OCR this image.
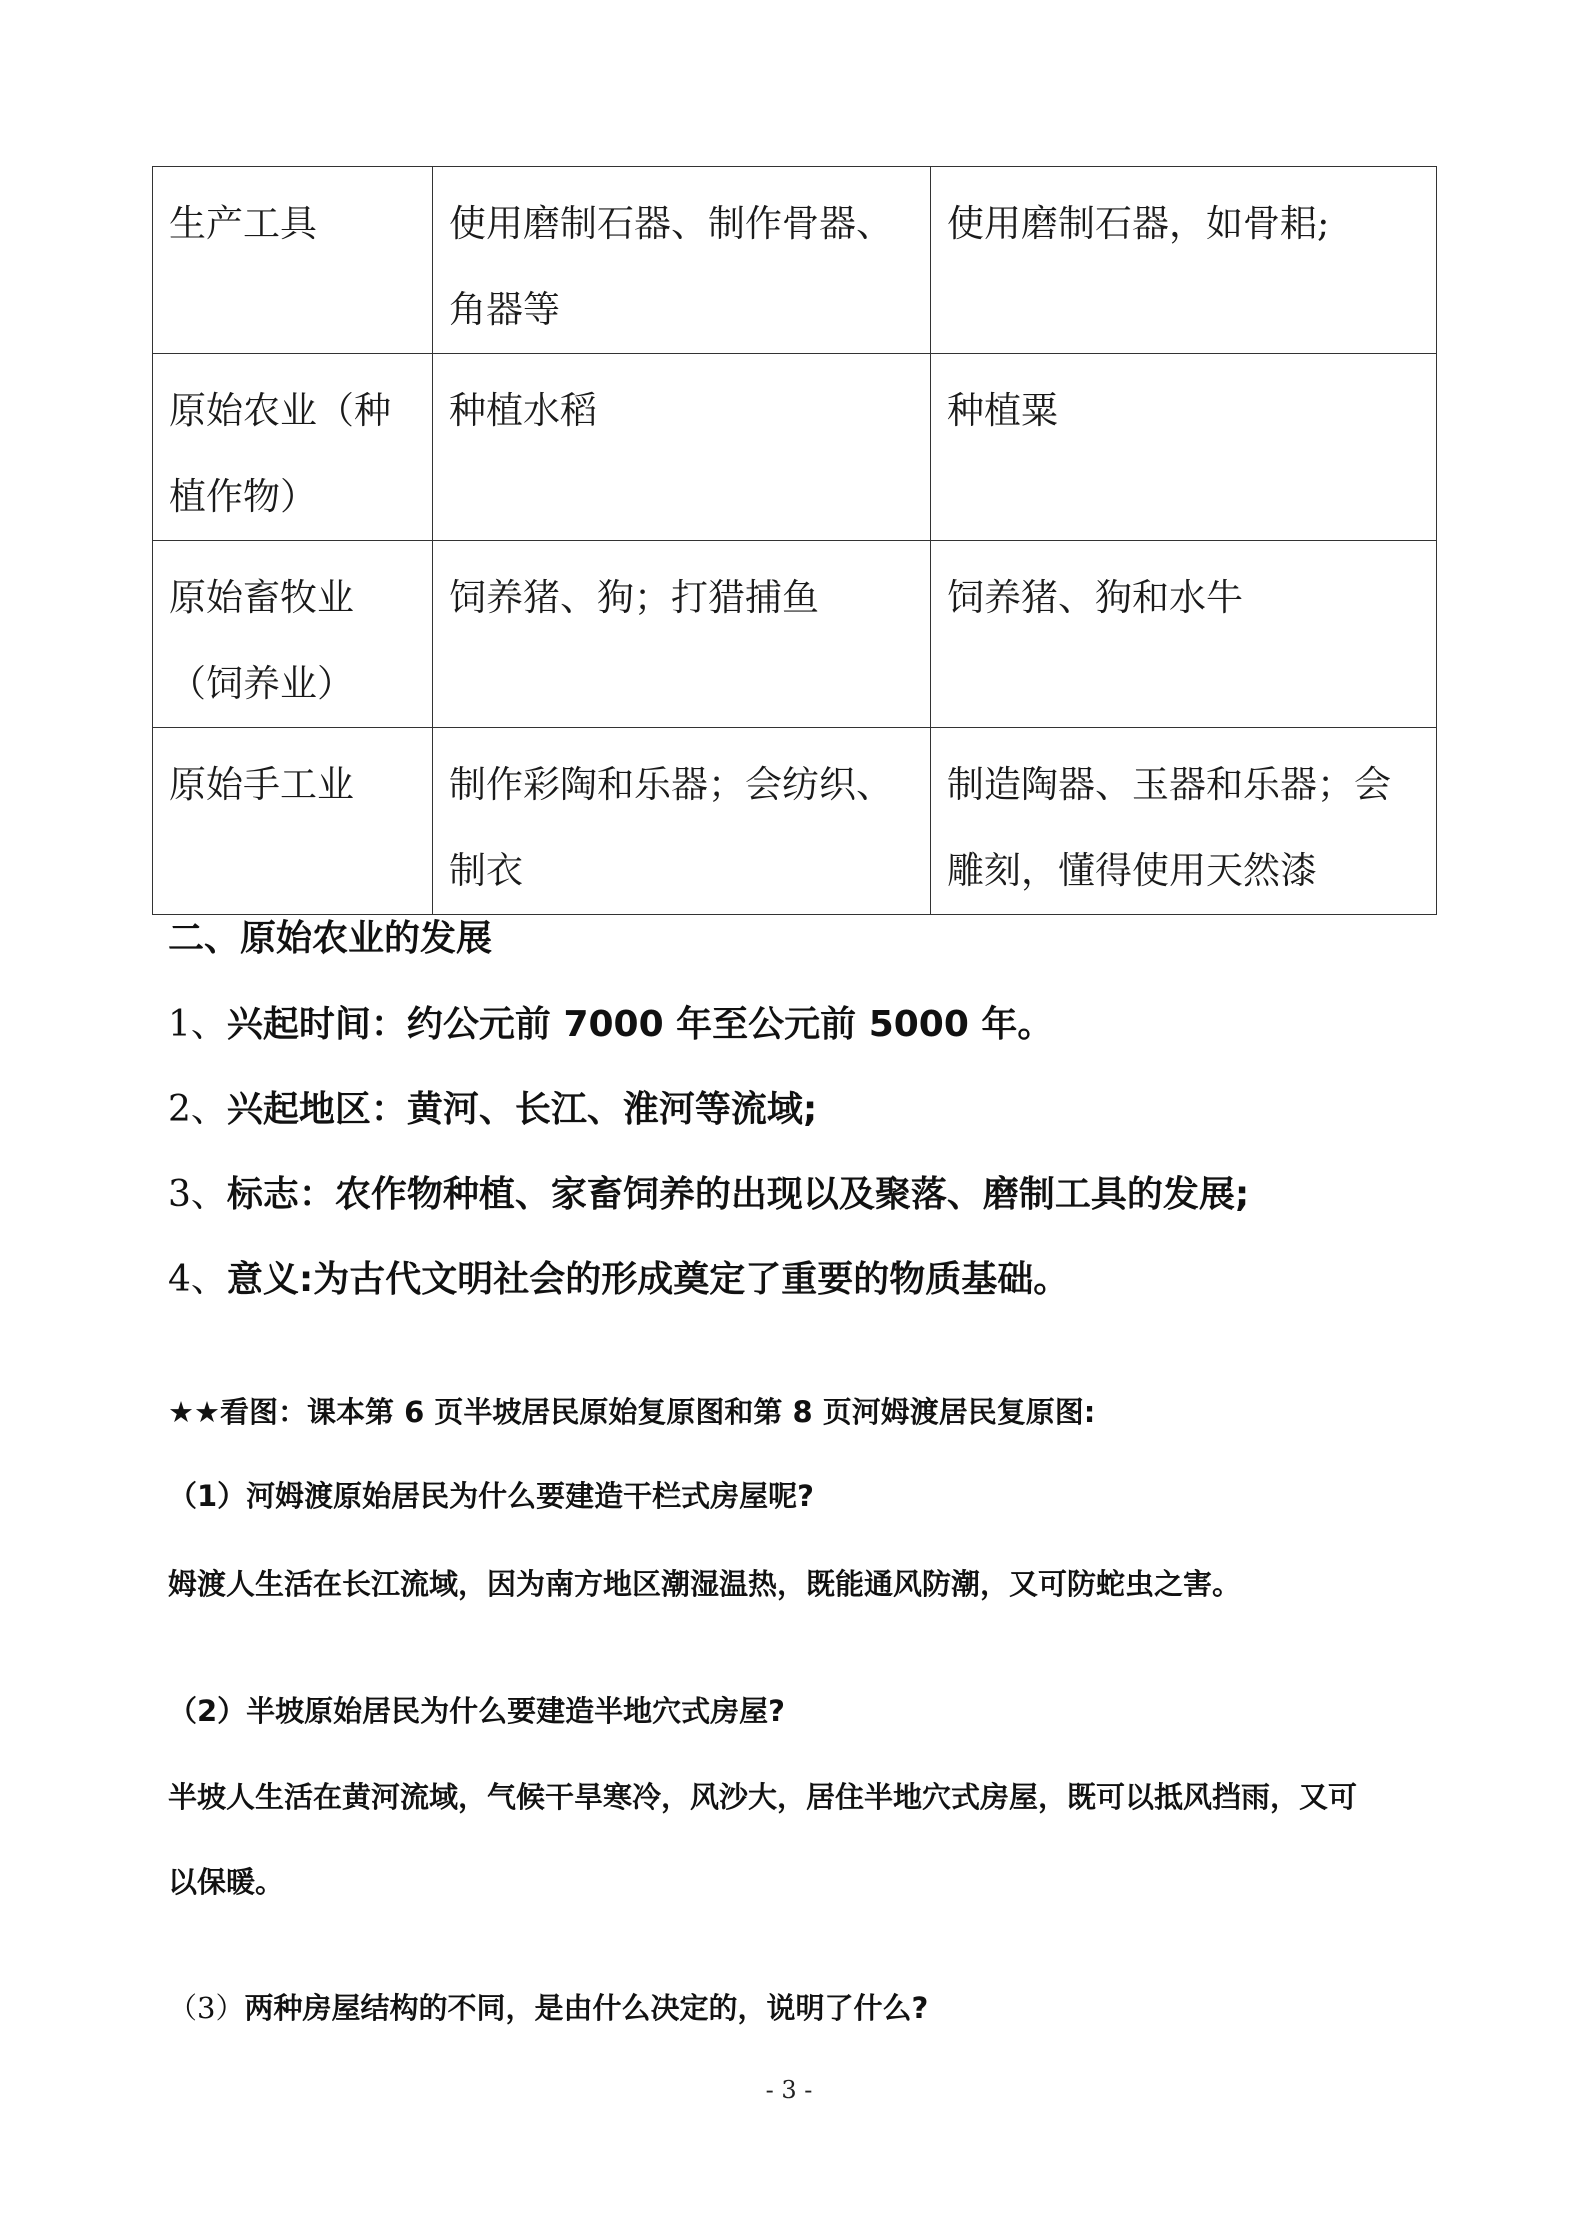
生产工具	使用磨制石器、制作骨器、角器等	使用磨制石器，如骨耜;
原始农业（种植作物）	种植水稻	种植粟
原始畜牧业（饲养业）	饲养猪、狗；打猎捕鱼	饲养猪、狗和水牛
原始手工业	制作彩陶和乐器；会纺织、制衣	制造陶器、玉器和乐器；会雕刻，懂得使用天然漆
二、原始农业的发展
1、兴起时间：约公元前 7000 年至公元前 5000 年。
2、兴起地区：黄河、长江、淮河等流域;
3、标志：农作物种植、家畜饲养的出现以及聚落、磨制工具的发展;
4、意义:为古代文明社会的形成奠定了重要的物质基础。
★★看图：课本第 6 页半坡居民原始复原图和第 8 页河姆渡居民复原图:
（1）河姆渡原始居民为什么要建造干栏式房屋呢?
姆渡人生活在长江流域，因为南方地区潮湿温热，既能通风防潮，又可防蛇虫之害。
（2）半坡原始居民为什么要建造半地穴式房屋?
半坡人生活在黄河流域，气候干旱寒冷，风沙大，居住半地穴式房屋，既可以抵风挡雨，又可
以保暖。
（3）两种房屋结构的不同，是由什么决定的，说明了什么?
- 3 -
